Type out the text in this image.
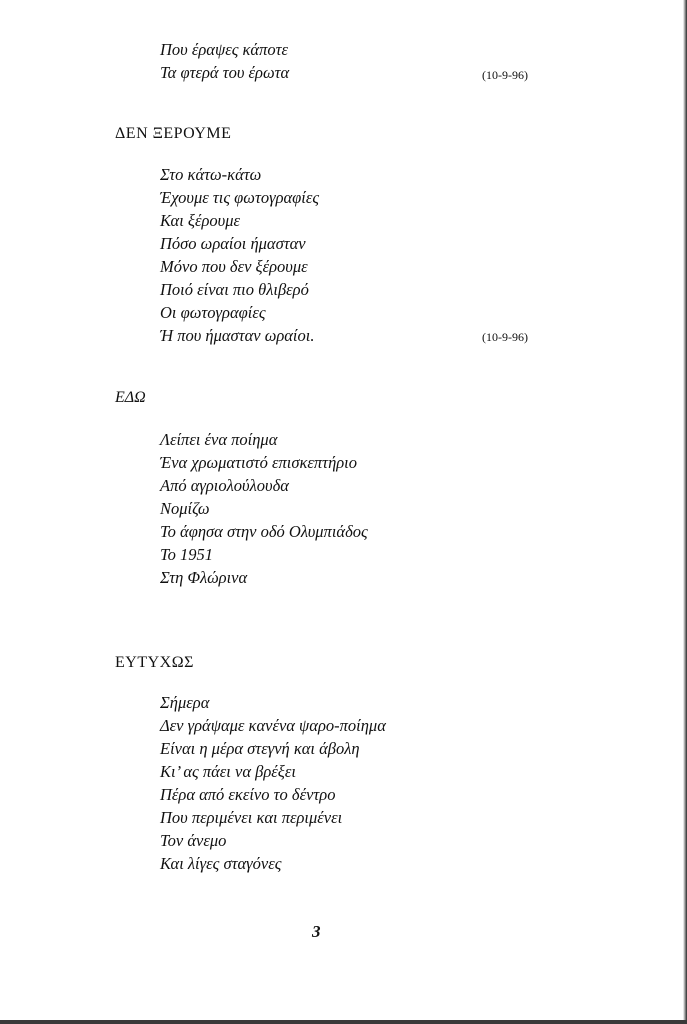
Που έραψες κάποτε
Τα φτερά του έρωτα	(10-9-96)
ΔΕΝ ΞΕΡΟΥΜΕ
Στο κάτω-κάτω
Έχουμε τις φωτογραφίες
Και ξέρουμε
Πόσο ωραίοι ήμασταν
Μόνο που δεν ξέρουμε
Ποιό είναι πιο θλιβερό
Οι φωτογραφίες
Ή που ήμασταν ωραίοι.	(10-9-96)
ΕΔΩ
Λείπει ένα ποίημα
Ένα χρωματιστό επισκεπτήριο
Από αγριολούλουδα
Νομίζω
Το άφησα στην οδό Ολυμπιάδος
Το 1951
Στη Φλώρινα
ΕΥΤΥΧΩΣ
Σήμερα
Δεν γράψαμε κανένα ψαρο-ποίημα
Είναι η μέρα στεγνή και άβολη
Κι’ ας πάει να βρέξει
Πέρα από εκείνο το δέντρο
Που περιμένει και περιμένει
Τον άνεμο
Και λίγες σταγόνες
3
